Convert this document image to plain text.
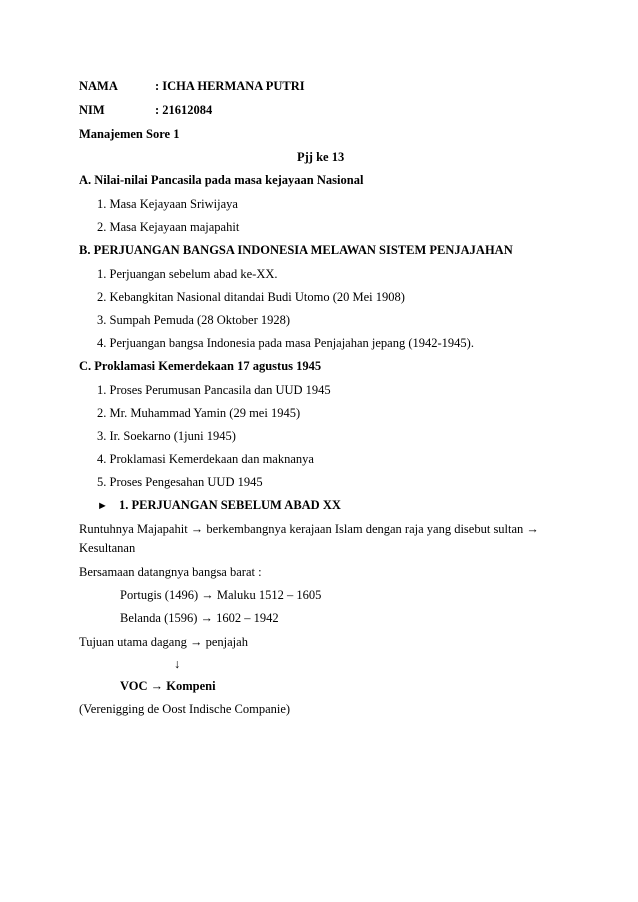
NAMA	: ICHA HERMANA PUTRI
NIM	: 21612084
Manajemen Sore 1
Pjj ke 13
A. Nilai-nilai Pancasila pada masa kejayaan Nasional
1. Masa Kejayaan Sriwijaya
2. Masa Kejayaan majapahit
B. PERJUANGAN BANGSA INDONESIA MELAWAN SISTEM PENJAJAHAN
1. Perjuangan sebelum abad ke-XX.
2. Kebangkitan Nasional ditandai Budi Utomo (20 Mei 1908)
3. Sumpah Pemuda (28 Oktober 1928)
4. Perjuangan bangsa Indonesia pada masa Penjajahan jepang (1942-1945).
C. Proklamasi Kemerdekaan 17 agustus 1945
1. Proses Perumusan Pancasila dan UUD 1945
2. Mr. Muhammad Yamin (29 mei 1945)
3. Ir. Soekarno (1juni 1945)
4. Proklamasi Kemerdekaan dan maknanya
5. Proses Pengesahan UUD 1945
► 1. PERJUANGAN SEBELUM ABAD XX
Runtuhnya Majapahit → berkembangnya kerajaan Islam dengan raja yang disebut sultan →
Kesultanan
Bersamaan datangnya bangsa barat :
Portugis (1496) → Maluku 1512 – 1605
Belanda (1596) → 1602 – 1942
Tujuan utama dagang → penjajah
↓
VOC → Kompeni
(Verenigging de Oost Indische Companie)
